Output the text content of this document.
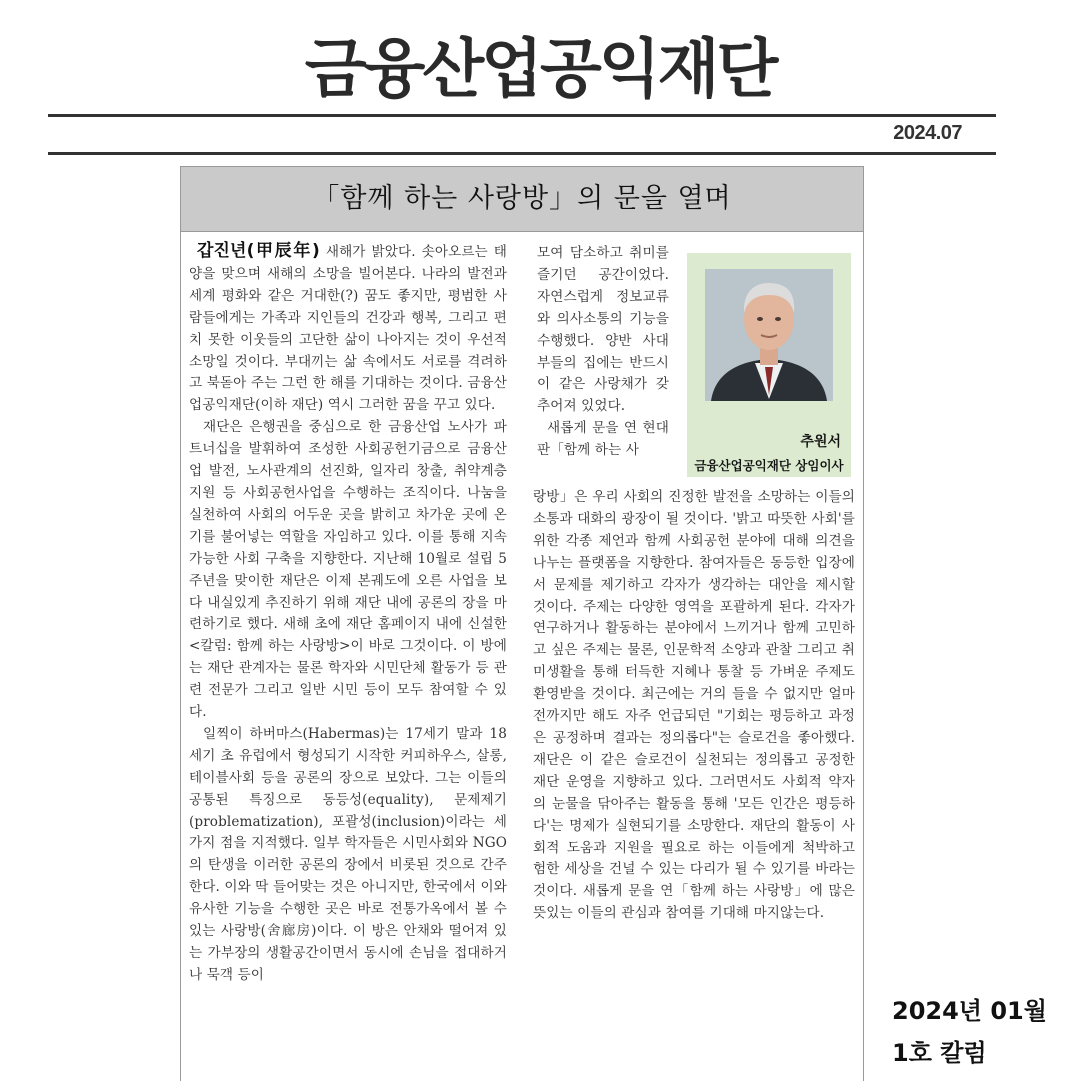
금융산업공익재단
2024.07
「함께 하는 사랑방」의 문을 열며

갑진년(甲辰年) 새해가 밝았다. 솟아오르는 태양을 맞으며 새해의 소망을 빌어본다. 나라의 발전과 세계 평화와 같은 거대한(?) 꿈도 좋지만, 평범한 사람들에게는 가족과 지인들의 건강과 행복, 그리고 편치 못한 이웃들의 고단한 삶이 나아지는 것이 우선적 소망일 것이다. 부대끼는 삶 속에서도 서로를 격려하고 북돋아 주는 그런 한 해를 기대하는 것이다. 금융산업공익재단(이하 재단) 역시 그러한 꿈을 꾸고 있다.

재단은 은행권을 중심으로 한 금융산업 노사가 파트너십을 발휘하여 조성한 사회공헌기금으로 금융산업 발전, 노사관계의 선진화, 일자리 창출, 취약계층 지원 등 사회공헌사업을 수행하는 조직이다. 나눔을 실천하여 사회의 어두운 곳을 밝히고 차가운 곳에 온기를 불어넣는 역할을 자임하고 있다. 이를 통해 지속가능한 사회 구축을 지향한다. 지난해 10월로 설립 5주년을 맞이한 재단은 이제 본궤도에 오른 사업을 보다 내실있게 추진하기 위해 재단 내에 공론의 장을 마련하기로 했다. 새해 초에 재단 홈페이지 내에 신설한 <칼럼: 함께 하는 사랑방>이 바로 그것이다. 이 방에는 재단 관계자는 물론 학자와 시민단체 활동가 등 관련 전문가 그리고 일반 시민 등이 모두 참여할 수 있다.

일찍이 하버마스(Habermas)는 17세기 말과 18세기 초 유럽에서 형성되기 시작한 커피하우스, 살롱, 테이블사회 등을 공론의 장으로 보았다. 그는 이들의 공통된 특징으로 동등성(equality), 문제제기(problematization), 포괄성(inclusion)이라는 세 가지 점을 지적했다. 일부 학자들은 시민사회와 NGO의 탄생을 이러한 공론의 장에서 비롯된 것으로 간주한다. 이와 딱 들어맞는 것은 아니지만, 한국에서 이와 유사한 기능을 수행한 곳은 바로 전통가옥에서 볼 수 있는 사랑방(舍廊房)이다. 이 방은 안채와 떨어져 있는 가부장의 생활공간이면서 동시에 손님을 접대하거나 묵객 등이

모여 담소하고 취미를 즐기던 공간이었다. 자연스럽게 정보교류와 의사소통의 기능을 수행했다. 양반 사대부들의 집에는 반드시 이 같은 사랑채가 갖추어져 있었다.

새롭게 문을 연 현대판「함께 하는 사

추원서
금융산업공익재단 상임이사

랑방」은 우리 사회의 진정한 발전을 소망하는 이들의 소통과 대화의 광장이 될 것이다. '밝고 따뜻한 사회'를 위한 각종 제언과 함께 사회공헌 분야에 대해 의견을 나누는 플랫폼을 지향한다. 참여자들은 동등한 입장에서 문제를 제기하고 각자가 생각하는 대안을 제시할 것이다. 주제는 다양한 영역을 포괄하게 된다. 각자가 연구하거나 활동하는 분야에서 느끼거나 함께 고민하고 싶은 주제는 물론, 인문학적 소양과 관찰 그리고 취미생활을 통해 터득한 지혜나 통찰 등 가벼운 주제도 환영받을 것이다. 최근에는 거의 들을 수 없지만 얼마 전까지만 해도 자주 언급되던 "기회는 평등하고 과정은 공정하며 결과는 정의롭다"는 슬로건을 좋아했다. 재단은 이 같은 슬로건이 실천되는 정의롭고 공정한 재단 운영을 지향하고 있다. 그러면서도 사회적 약자의 눈물을 닦아주는 활동을 통해 '모든 인간은 평등하다'는 명제가 실현되기를 소망한다. 재단의 활동이 사회적 도움과 지원을 필요로 하는 이들에게 척박하고 험한 세상을 건널 수 있는 다리가 될 수 있기를 바라는 것이다. 새롭게 문을 연「함께 하는 사랑방」에 많은 뜻있는 이들의 관심과 참여를 기대해 마지않는다.

2024년 01월
1호 칼럼
